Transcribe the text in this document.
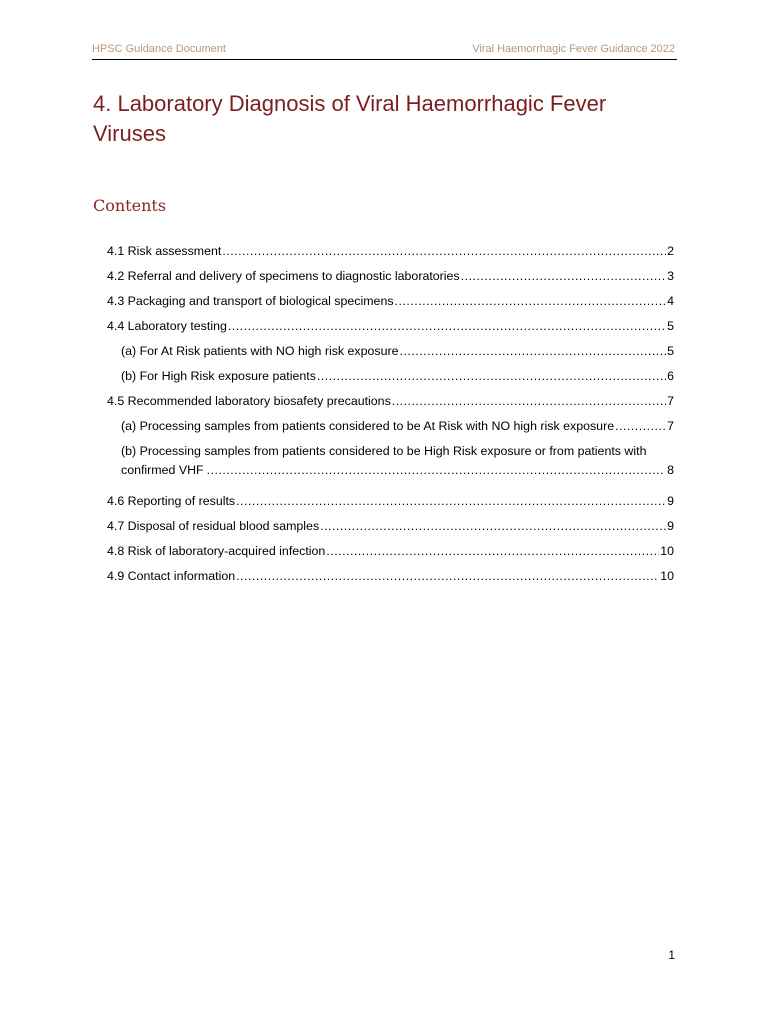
HPSC Guidance Document	Viral Haemorrhagic Fever Guidance 2022
4. Laboratory Diagnosis of Viral Haemorrhagic Fever Viruses
Contents
4.1 Risk assessment .....	2
4.2 Referral and delivery of specimens to diagnostic laboratories .....	3
4.3 Packaging and transport of biological specimens .....	4
4.4 Laboratory testing .....	5
(a) For At Risk patients with NO high risk exposure .....	5
(b) For High Risk exposure patients .....	6
4.5 Recommended laboratory biosafety precautions .....	7
(a) Processing samples from patients considered to be At Risk with NO high risk exposure .....	7
(b) Processing samples from patients considered to be High Risk exposure or from patients with
confirmed VHF .....	8
4.6 Reporting of results .....	9
4.7 Disposal of residual blood samples .....	9
4.8 Risk of laboratory-acquired infection .....	10
4.9 Contact information .....	10
1
